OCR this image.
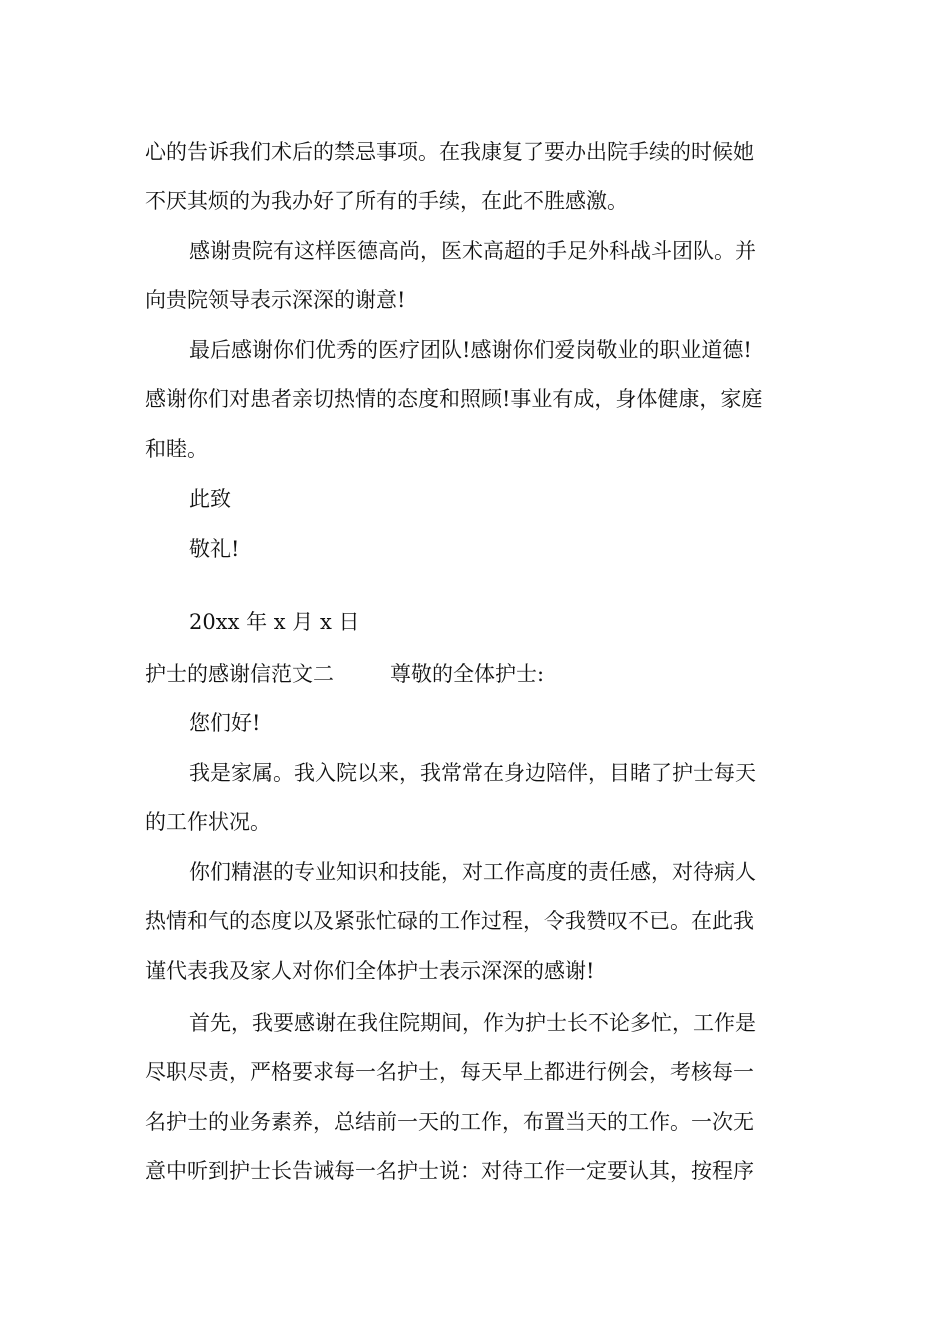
心的告诉我们术后的禁忌事项。在我康复了要办出院手续的时候她
不厌其烦的为我办好了所有的手续，在此不胜感激。
感谢贵院有这样医德高尚，医术高超的手足外科战斗团队。并
向贵院领导表示深深的谢意!
最后感谢你们优秀的医疗团队!感谢你们爱岗敬业的职业道德!
感谢你们对患者亲切热情的态度和照顾!事业有成，身体健康，家庭
和睦。
此致
敬礼!
20xx 年 x 月 x 日
护士的感谢信范文二	尊敬的全体护士:
您们好!
我是家属。我入院以来，我常常在身边陪伴，目睹了护士每天
的工作状况。
你们精湛的专业知识和技能，对工作高度的责任感，对待病人
热情和气的态度以及紧张忙碌的工作过程，令我赞叹不已。在此我
谨代表我及家人对你们全体护士表示深深的感谢!
首先，我要感谢在我住院期间，作为护士长不论多忙，工作是
尽职尽责，严格要求每一名护士，每天早上都进行例会，考核每一
名护士的业务素养，总结前一天的工作，布置当天的工作。一次无
意中听到护士长告诫每一名护士说：对待工作一定要认其，按程序
